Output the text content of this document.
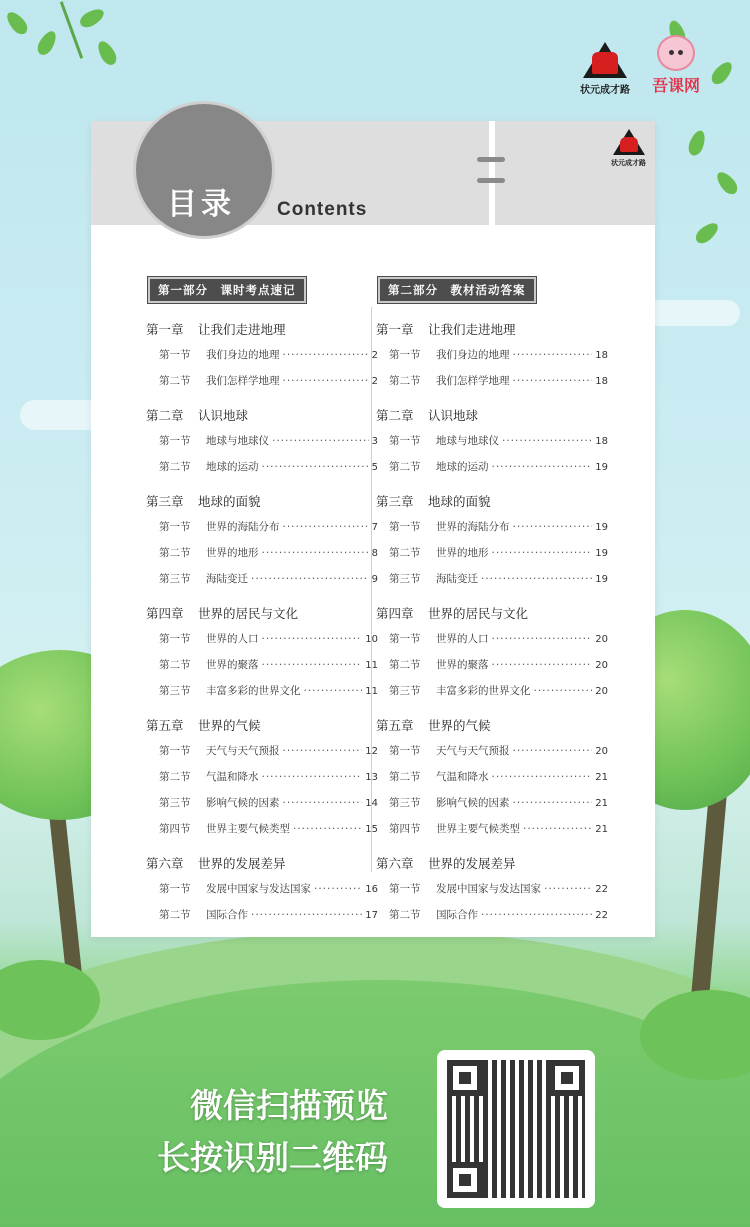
状元成才路 吾课网
目录 Contents
状元成才路
第一部分　课时考点速记
第一章 让我们走进地理
第一节	我们身边的地理 ·····	2
第二节	我们怎样学地理 ·····	2
第二章 认识地球
第一节	地球与地球仪 ·····	3
第二节	地球的运动 ·····	5
第三章 地球的面貌
第一节	世界的海陆分布 ·····	7
第二节	世界的地形 ·····	8
第三节	海陆变迁 ·····	9
第四章 世界的居民与文化
第一节	世界的人口 ·····	10
第二节	世界的聚落 ·····	11
第三节	丰富多彩的世界文化 ·····	11
第五章 世界的气候
第一节	天气与天气预报 ·····	12
第二节	气温和降水 ·····	13
第三节	影响气候的因素 ·····	14
第四节	世界主要气候类型 ·····	15
第六章 世界的发展差异
第一节	发展中国家与发达国家 ·····	16
第二节	国际合作 ·····	17
第二部分　教材活动答案
第一章 让我们走进地理
第一节	我们身边的地理 ·····	18
第二节	我们怎样学地理 ·····	18
第二章 认识地球
第一节	地球与地球仪 ·····	18
第二节	地球的运动 ·····	19
第三章 地球的面貌
第一节	世界的海陆分布 ·····	19
第二节	世界的地形 ·····	19
第三节	海陆变迁 ·····	19
第四章 世界的居民与文化
第一节	世界的人口 ·····	20
第二节	世界的聚落 ·····	20
第三节	丰富多彩的世界文化 ·····	20
第五章 世界的气候
第一节	天气与天气预报 ·····	20
第二节	气温和降水 ·····	21
第三节	影响气候的因素 ·····	21
第四节	世界主要气候类型 ·····	21
第六章 世界的发展差异
第一节	发展中国家与发达国家 ·····	22
第二节	国际合作 ·····	22
微信扫描预览
长按识别二维码
